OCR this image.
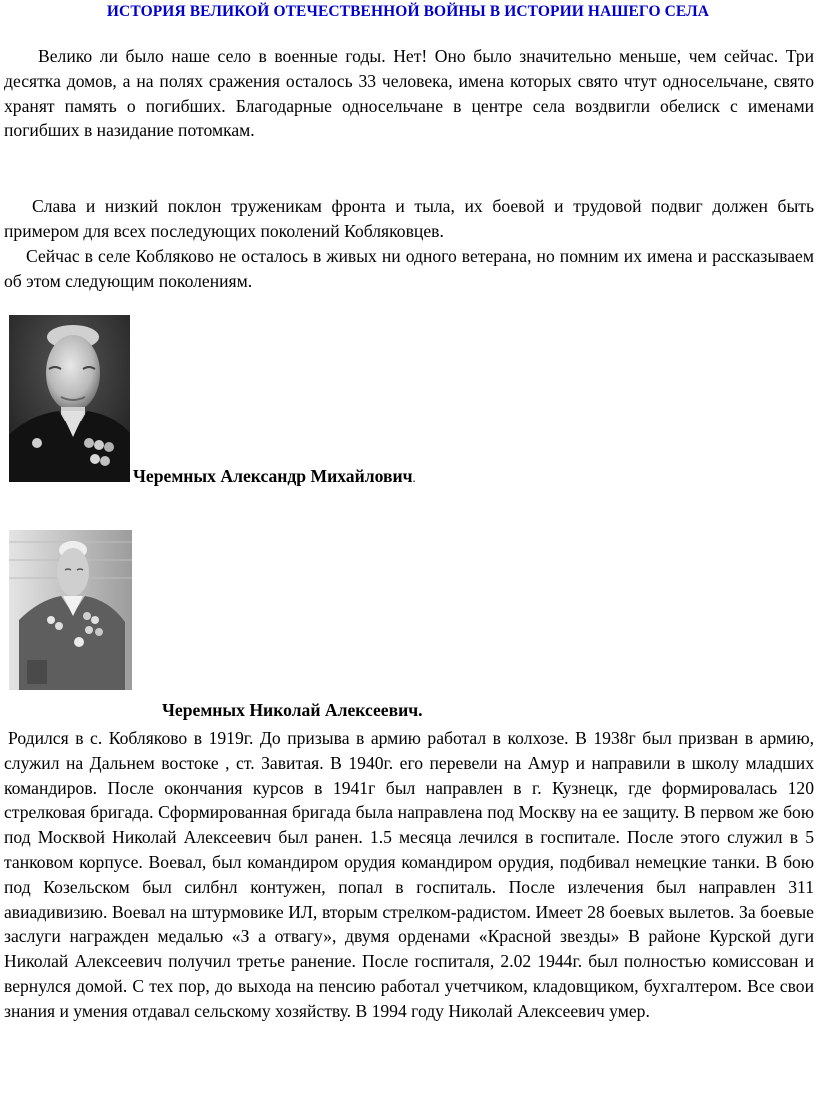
ИСТОРИЯ ВЕЛИКОЙ ОТЕЧЕСТВЕННОЙ ВОЙНЫ В ИСТОРИИ НАШЕГО СЕЛА

Велико ли было наше село в военные годы. Нет! Оно было значительно меньше, чем сейчас. Три десятка домов, а на полях сражения осталось 33 человека, имена которых свято чтут односельчане, свято хранят память о погибших. Благодарные односельчане в центре села воздвигли обелиск с именами погибших в назидание потомкам.

Слава и низкий поклон труженикам фронта и тыла, их боевой и трудовой подвиг должен быть примером для всех последующих поколений Кобляковцев.

Сейчас в селе Кобляково не осталось в живых ни одного ветерана, но помним их имена и рассказываем об этом следующим поколениям.

Черемных Александр Михайлович.
Черемных Николай Алексеевич.

Родился в с. Кобляково в 1919г. До призыва в армию работал в колхозе. В 1938г был призван в армию, служил на Дальнем востоке , ст. Завитая. В 1940г. его перевели на Амур и направили в школу младших командиров. После окончания курсов в 1941г был направлен в г. Кузнецк, где формировалась 120 стрелковая бригада. Сформированная бригада была направлена под Москву на ее защиту. В первом же бою под Москвой Николай Алексеевич был ранен. 1.5 месяца лечился в госпитале. После этого служил в 5 танковом корпусе. Воевал, был командиром орудия командиром орудия, подбивал немецкие танки. В бою под Козельском был силбнл контужен, попал в госпиталь. После излечения был направлен 311 авиадивизию. Воевал на штурмовике ИЛ, вторым стрелком-радистом. Имеет 28 боевых вылетов. За боевые заслуги награжден медалью «З а отвагу», двумя орденами «Красной звезды» В районе Курской дуги Николай Алексеевич получил третье ранение. После госпиталя, 2.02 1944г. был полностью комиссован и вернулся домой. С тех пор, до выхода на пенсию работал учетчиком, кладовщиком, бухгалтером. Все свои знания и умения отдавал сельскому хозяйству. В 1994 году Николай Алексеевич умер.
